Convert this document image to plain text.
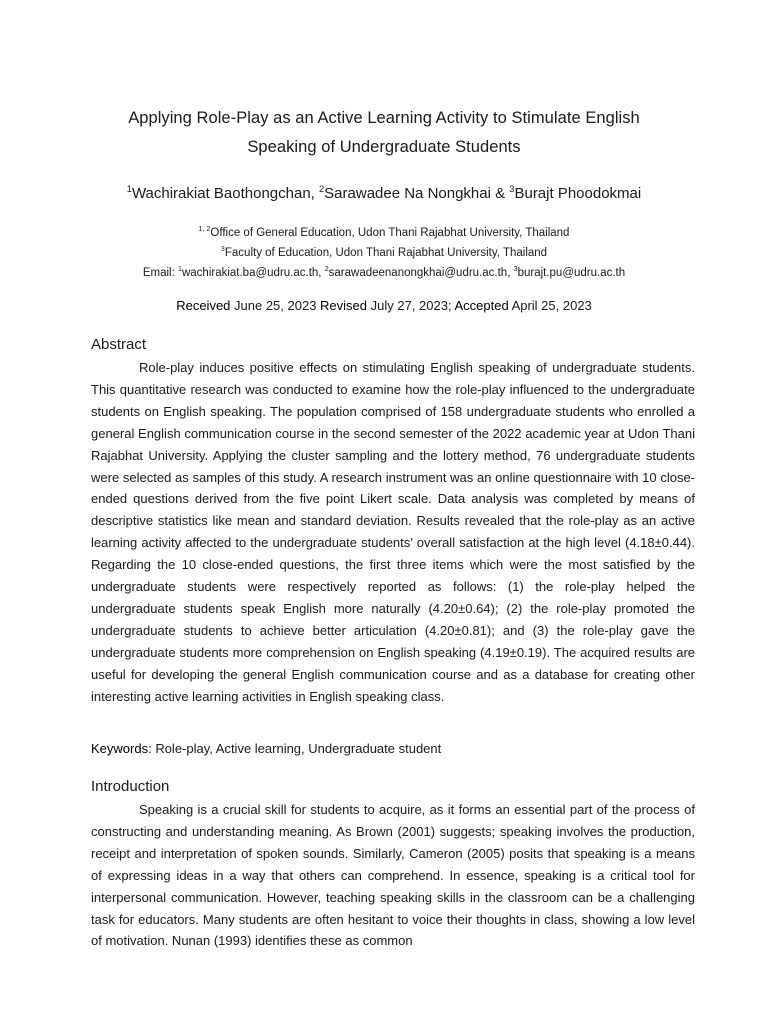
Applying Role-Play as an Active Learning Activity to Stimulate English
Speaking of Undergraduate Students
$^1$Wachirakiat Baothongchan, $^2$Sarawadee Na Nongkhai & $^3$Burajt Phoodokmai
$^{1, 2}$Office of General Education, Udon Thani Rajabhat University, Thailand
$^3$Faculty of Education, Udon Thani Rajabhat University, Thailand
Email: $^1$wachirakiat.ba@udru.ac.th, $^2$sarawadeenanongkhai@udru.ac.th, $^3$burajt.pu@udru.ac.th
Received June 25, 2023 Revised July 27, 2023; Accepted April 25, 2023
Abstract
Role-play induces positive effects on stimulating English speaking of undergraduate students. This quantitative research was conducted to examine how the role-play influenced to the undergraduate students on English speaking. The population comprised of 158 undergraduate students who enrolled a general English communication course in the second semester of the 2022 academic year at Udon Thani Rajabhat University. Applying the cluster sampling and the lottery method, 76 undergraduate students were selected as samples of this study. A research instrument was an online questionnaire with 10 close-ended questions derived from the five point Likert scale. Data analysis was completed by means of descriptive statistics like mean and standard deviation. Results revealed that the role-play as an active learning activity affected to the undergraduate students’ overall satisfaction at the high level (4.18±0.44). Regarding the 10 close-ended questions, the first three items which were the most satisfied by the undergraduate students were respectively reported as follows: (1) the role-play helped the undergraduate students speak English more naturally (4.20±0.64); (2) the role-play promoted the undergraduate students to achieve better articulation (4.20±0.81); and (3) the role-play gave the undergraduate students more comprehension on English speaking (4.19±0.19). The acquired results are useful for developing the general English communication course and as a database for creating other interesting active learning activities in English speaking class.
Keywords: Role-play, Active learning, Undergraduate student
Introduction
Speaking is a crucial skill for students to acquire, as it forms an essential part of the process of constructing and understanding meaning. As Brown (2001) suggests; speaking involves the production, receipt and interpretation of spoken sounds. Similarly, Cameron (2005) posits that speaking is a means of expressing ideas in a way that others can comprehend. In essence, speaking is a critical tool for interpersonal communication. However, teaching speaking skills in the classroom can be a challenging task for educators. Many students are often hesitant to voice their thoughts in class, showing a low level of motivation. Nunan (1993) identifies these as common
